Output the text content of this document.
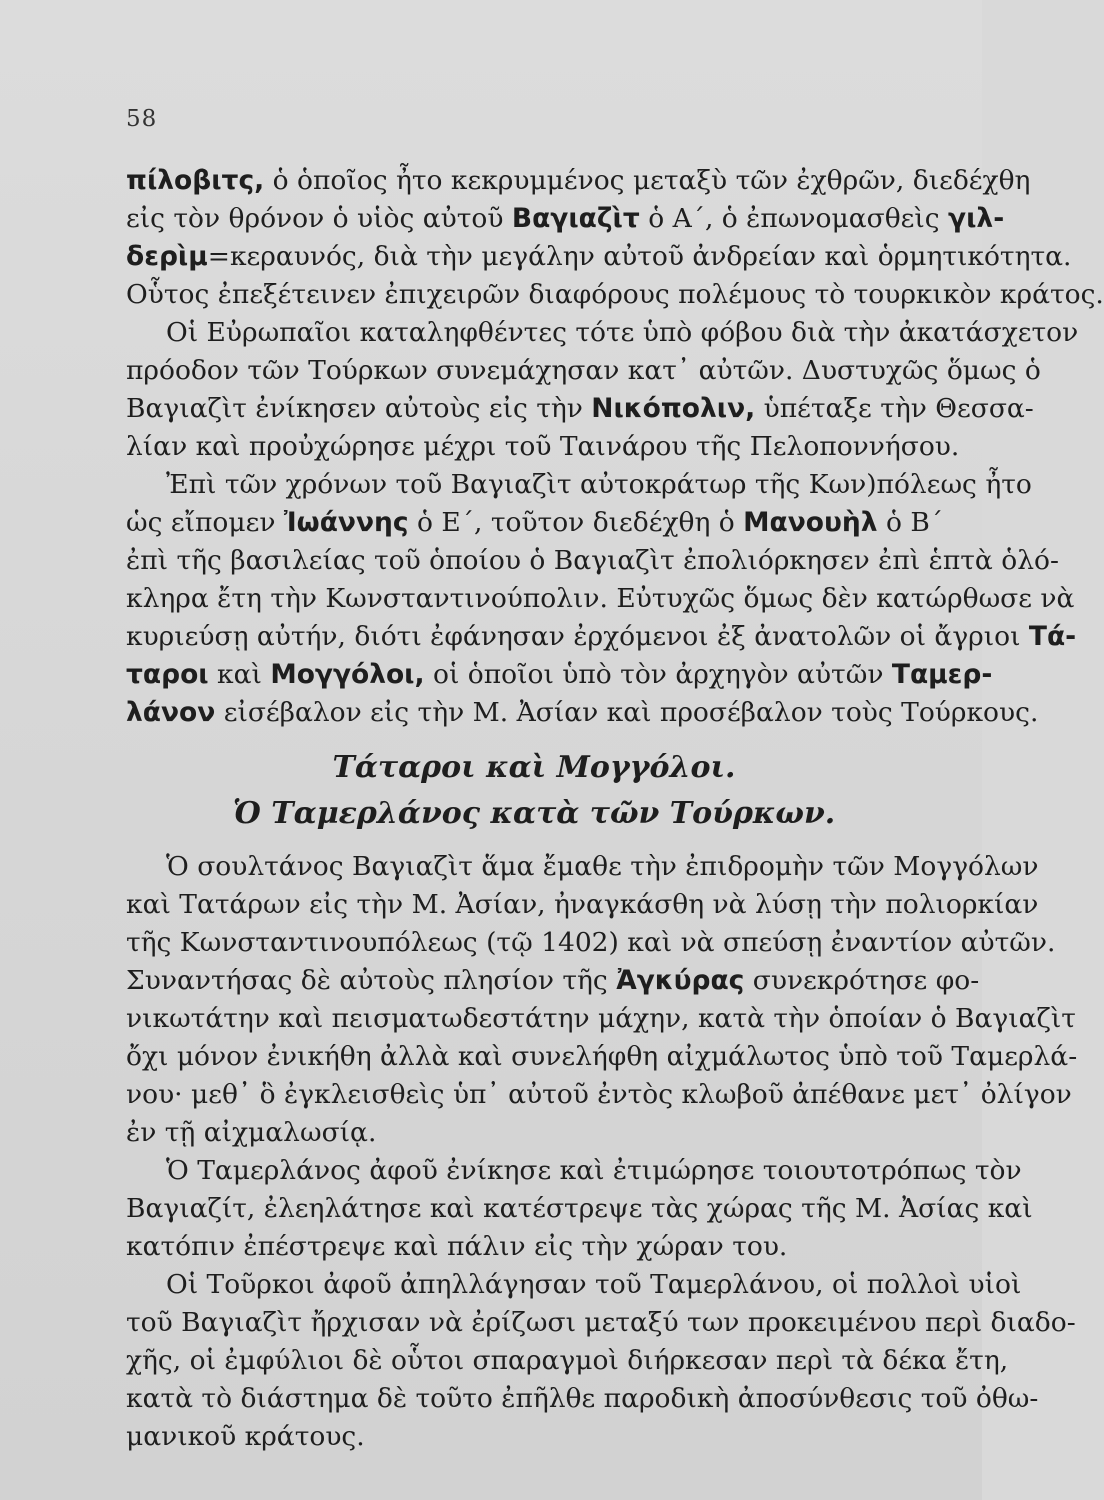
58
πίλοβιτς, ὁ ὁποῖος ἦτο κεκρυμμένος μεταξὺ τῶν ἐχθρῶν, διεδέχθη
εἰς τὸν θρόνον ὁ υἱὸς αὐτοῦ Βαγιαζὶτ ὁ Α΄, ὁ ἐπωνομασθεὶς γιλ-
δερὶμ=κεραυνός, διὰ τὴν μεγάλην αὐτοῦ ἀνδρείαν καὶ ὁρμητικότητα.
Οὗτος ἐπεξέτεινεν ἐπιχειρῶν διαφόρους πολέμους τὸ τουρκικὸν κράτος.
Οἱ Εὐρωπαῖοι καταληφθέντες τότε ὑπὸ φόβου διὰ τὴν ἀκατάσχετον
πρόοδον τῶν Τούρκων συνεμάχησαν κατ᾽ αὐτῶν. Δυστυχῶς ὅμως ὁ
Βαγιαζὶτ ἐνίκησεν αὐτοὺς εἰς τὴν Νικόπολιν, ὑπέταξε τὴν Θεσσα-
λίαν καὶ προὐχώρησε μέχρι τοῦ Ταινάρου τῆς Πελοποννήσου.
Ἐπὶ τῶν χρόνων τοῦ Βαγιαζὶτ αὐτοκράτωρ τῆς Κων)πόλεως ἦτο
ὡς εἴπομεν Ἰωάννης ὁ Ε΄, τοῦτον διεδέχθη ὁ Μανουὴλ ὁ Β΄
ἐπὶ τῆς βασιλείας τοῦ ὁποίου ὁ Βαγιαζὶτ ἐπολιόρκησεν ἐπὶ ἑπτὰ ὁλό-
κληρα ἔτη τὴν Κωνσταντινούπολιν. Εὐτυχῶς ὅμως δὲν κατώρθωσε νὰ
κυριεύσῃ αὐτήν, διότι ἐφάνησαν ἐρχόμενοι ἐξ ἀνατολῶν οἱ ἄγριοι Τά-
ταροι καὶ Μογγόλοι, οἱ ὁποῖοι ὑπὸ τὸν ἀρχηγὸν αὐτῶν Ταμερ-
λάνον εἰσέβαλον εἰς τὴν Μ. Ἀσίαν καὶ προσέβαλον τοὺς Τούρκους.
Τάταροι καὶ Μογγόλοι.
Ὁ Ταμερλάνος κατὰ τῶν Τούρκων.
Ὁ σουλτάνος Βαγιαζὶτ ἅμα ἔμαθε τὴν ἐπιδρομὴν τῶν Μογγόλων
καὶ Τατάρων εἰς τὴν Μ. Ἀσίαν, ἠναγκάσθη νὰ λύσῃ τὴν πολιορκίαν
τῆς Κωνσταντινουπόλεως (τῷ 1402) καὶ νὰ σπεύσῃ ἐναντίον αὐτῶν.
Συναντήσας δὲ αὐτοὺς πλησίον τῆς Ἀγκύρας συνεκρότησε φο-
νικωτάτην καὶ πεισματωδεστάτην μάχην, κατὰ τὴν ὁποίαν ὁ Βαγιαζὶτ
ὄχι μόνον ἐνικήθη ἀλλὰ καὶ συνελήφθη αἰχμάλωτος ὑπὸ τοῦ Ταμερλά-
νου· μεθ᾽ ὃ ἐγκλεισθεὶς ὑπ᾽ αὐτοῦ ἐντὸς κλωβοῦ ἀπέθανε μετ᾽ ὀλίγον
ἐν τῇ αἰχμαλωσίᾳ.
Ὁ Ταμερλάνος ἀφοῦ ἐνίκησε καὶ ἐτιμώρησε τοιουτοτρόπως τὸν
Βαγιαζίτ, ἐλεηλάτησε καὶ κατέστρεψε τὰς χώρας τῆς Μ. Ἀσίας καὶ
κατόπιν ἐπέστρεψε καὶ πάλιν εἰς τὴν χώραν του.
Οἱ Τοῦρκοι ἀφοῦ ἀπηλλάγησαν τοῦ Ταμερλάνου, οἱ πολλοὶ υἱοὶ
τοῦ Βαγιαζὶτ ἤρχισαν νὰ ἐρίζωσι μεταξύ των προκειμένου περὶ διαδο-
χῆς, οἱ ἐμφύλιοι δὲ οὗτοι σπαραγμοὶ διήρκεσαν περὶ τὰ δέκα ἔτη,
κατὰ τὸ διάστημα δὲ τοῦτο ἐπῆλθε παροδικὴ ἀποσύνθεσις τοῦ ὀθω-
μανικοῦ κράτους.
